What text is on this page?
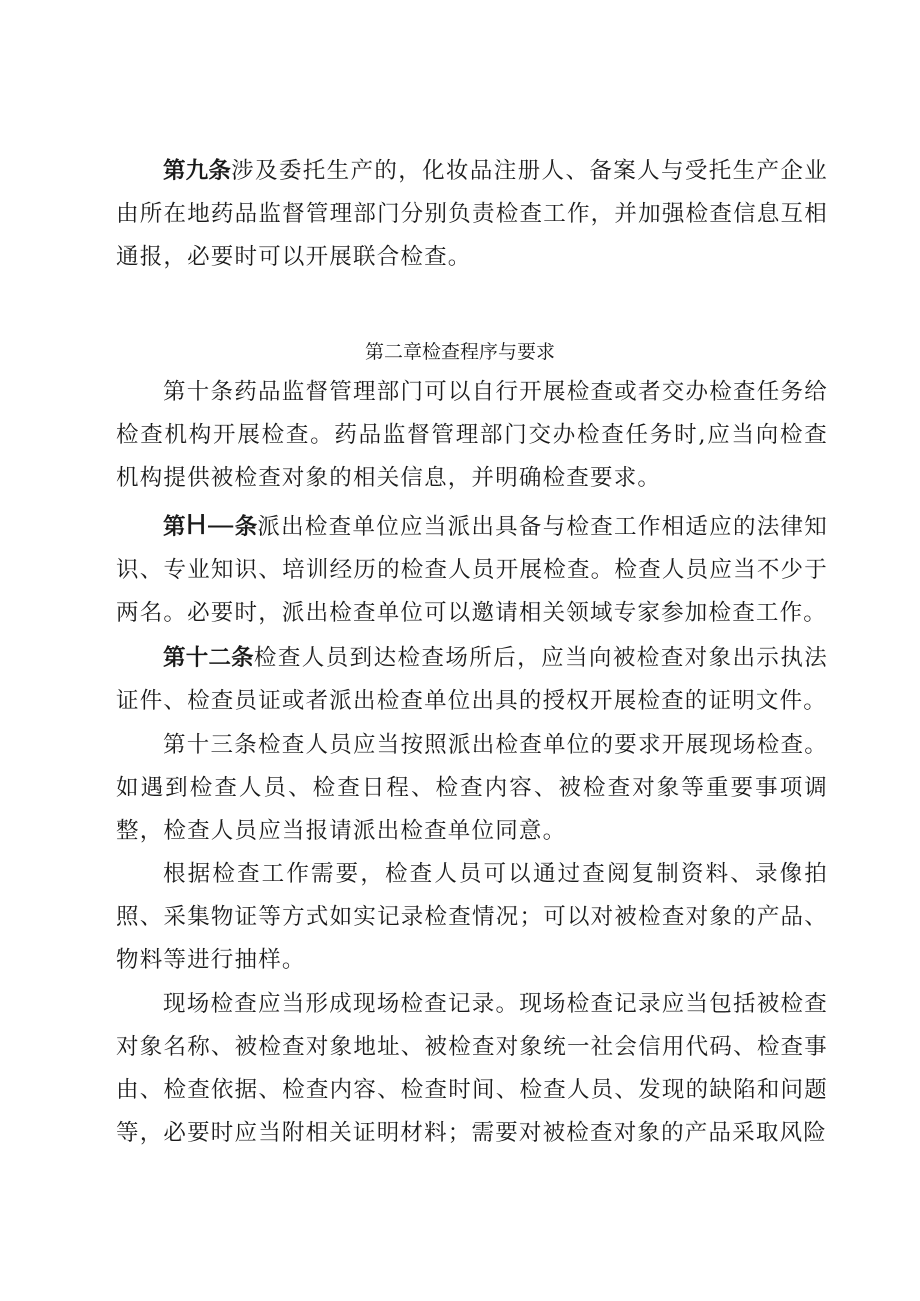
第九条涉及委托生产的，化妆品注册人、备案人与受托生产企业由所在地药品监督管理部门分别负责检查工作，并加强检查信息互相通报，必要时可以开展联合检查。

第二章检查程序与要求

第十条药品监督管理部门可以自行开展检查或者交办检查任务给检查机构开展检查。药品监督管理部门交办检查任务时,应当向检查机构提供被检查对象的相关信息，并明确检查要求。

第H—条派出检查单位应当派出具备与检查工作相适应的法律知识、专业知识、培训经历的检查人员开展检查。检查人员应当不少于两名。必要时，派出检查单位可以邀请相关领域专家参加检查工作。

第十二条检查人员到达检查场所后，应当向被检查对象出示执法证件、检查员证或者派出检查单位出具的授权开展检查的证明文件。

第十三条检查人员应当按照派出检查单位的要求开展现场检查。如遇到检查人员、检查日程、检查内容、被检查对象等重要事项调整，检查人员应当报请派出检查单位同意。

根据检查工作需要，检查人员可以通过查阅复制资料、录像拍照、采集物证等方式如实记录检查情况；可以对被检查对象的产品、物料等进行抽样。

现场检查应当形成现场检查记录。现场检查记录应当包括被检查对象名称、被检查对象地址、被检查对象统一社会信用代码、检查事由、检查依据、检查内容、检查时间、检查人员、发现的缺陷和问题等，必要时应当附相关证明材料；需要对被检查对象的产品采取风险
